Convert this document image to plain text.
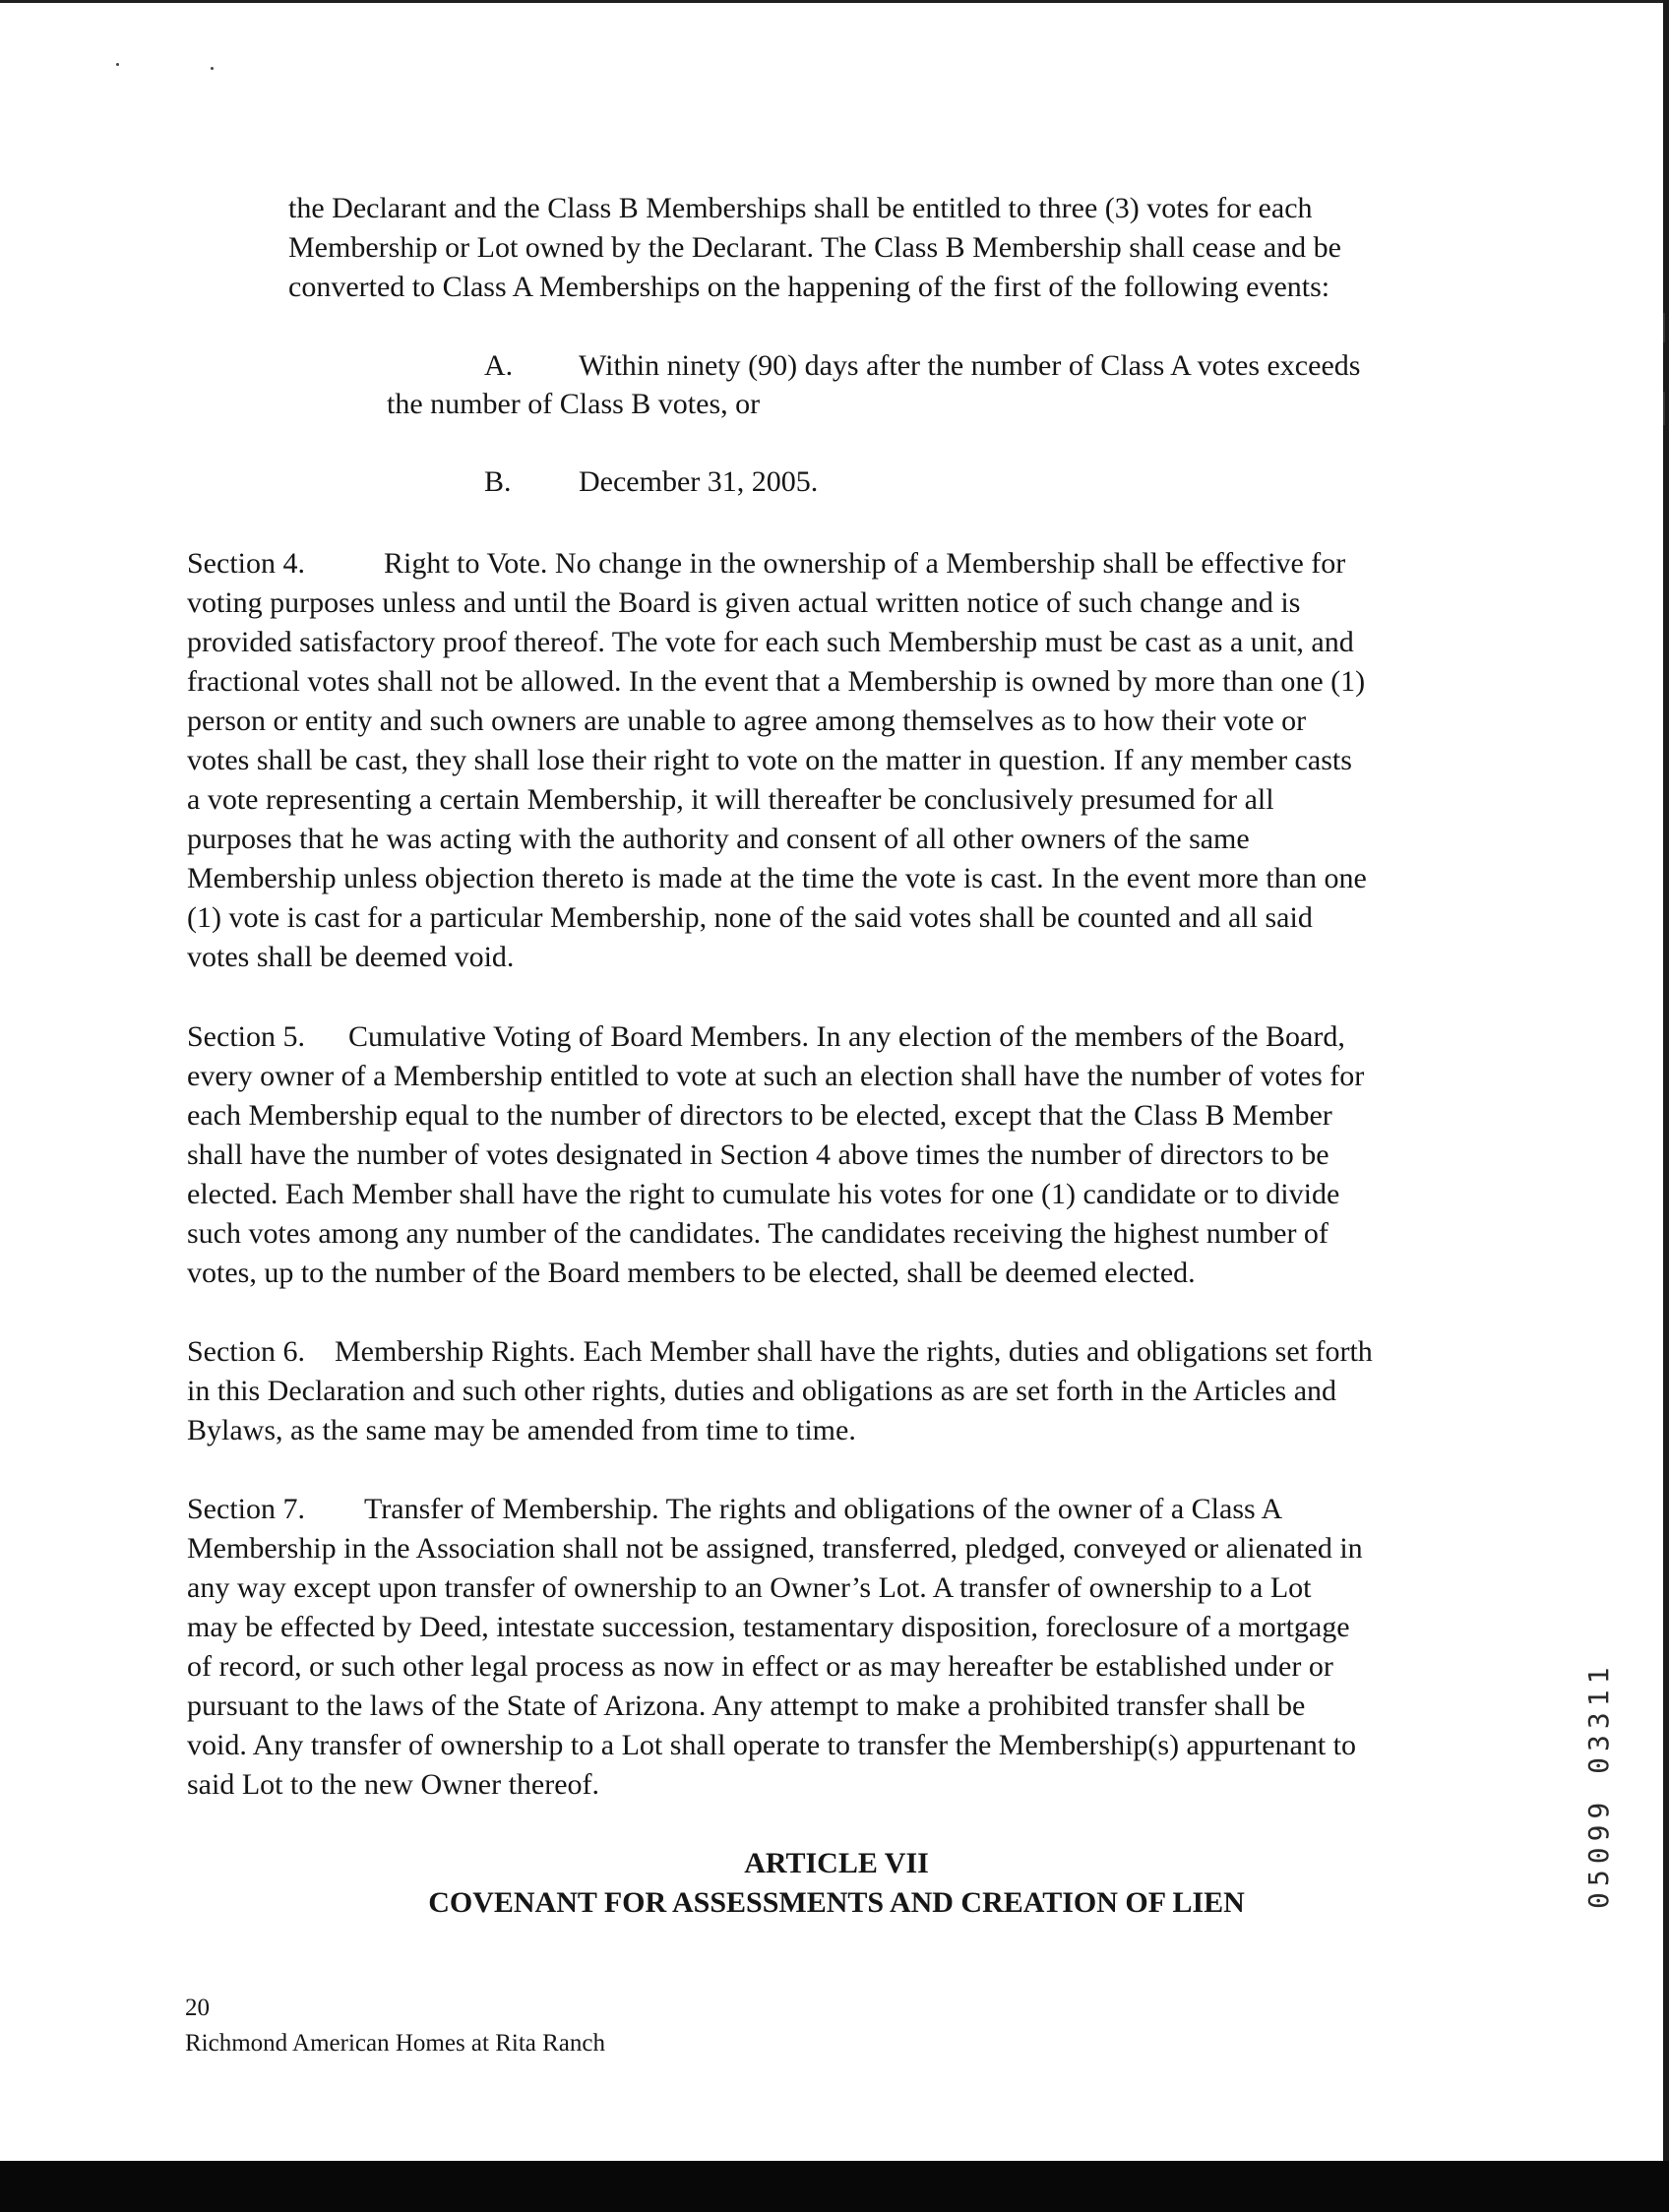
the Declarant and the Class B Memberships shall be entitled to three (3) votes for each
Membership or Lot owned by the Declarant. The Class B Membership shall cease and be
converted to Class A Memberships on the happening of the first of the following events:

A. Within ninety (90) days after the number of Class A votes exceeds

the number of Class B votes, or

B. December 31, 2005.

Section 4.	Right to Vote. No change in the ownership of a Membership shall be effective for
voting purposes unless and until the Board is given actual written notice of such change and is
provided satisfactory proof thereof. The vote for each such Membership must be cast as a unit, and
fractional votes shall not be allowed. In the event that a Membership is owned by more than one (1)
person or entity and such owners are unable to agree among themselves as to how their vote or
votes shall be cast, they shall lose their right to vote on the matter in question. If any member casts
a vote representing a certain Membership, it will thereafter be conclusively presumed for all
purposes that he was acting with the authority and consent of all other owners of the same
Membership unless objection thereto is made at the time the vote is cast. In the event more than one
(1) vote is cast for a particular Membership, none of the said votes shall be counted and all said
votes shall be deemed void.

Section 5. Cumulative Voting of Board Members. In any election of the members of the Board,
every owner of a Membership entitled to vote at such an election shall have the number of votes for
each Membership equal to the number of directors to be elected, except that the Class B Member
shall have the number of votes designated in Section 4 above times the number of directors to be
elected. Each Member shall have the right to cumulate his votes for one (1) candidate or to divide
such votes among any number of the candidates. The candidates receiving the highest number of
votes, up to the number of the Board members to be elected, shall be deemed elected.

Section 6. Membership Rights. Each Member shall have the rights, duties and obligations set forth
in this Declaration and such other rights, duties and obligations as are set forth in the Articles and
Bylaws, as the same may be amended from time to time.

Section 7. Transfer of Membership. The rights and obligations of the owner of a Class A
Membership in the Association shall not be assigned, transferred, pledged, conveyed or alienated in
any way except upon transfer of ownership to an Owner’s Lot. A transfer of ownership to a Lot
may be effected by Deed, intestate succession, testamentary disposition, foreclosure of a mortgage
of record, or such other legal process as now in effect or as may hereafter be established under or
pursuant to the laws of the State of Arizona. Any attempt to make a prohibited transfer shall be
void. Any transfer of ownership to a Lot shall operate to transfer the Membership(s) appurtenant to
said Lot to the new Owner thereof.

ARTICLE VII

COVENANT FOR ASSESSMENTS AND CREATION OF LIEN

20

Richmond American Homes at Rita Ranch

05099 03311
